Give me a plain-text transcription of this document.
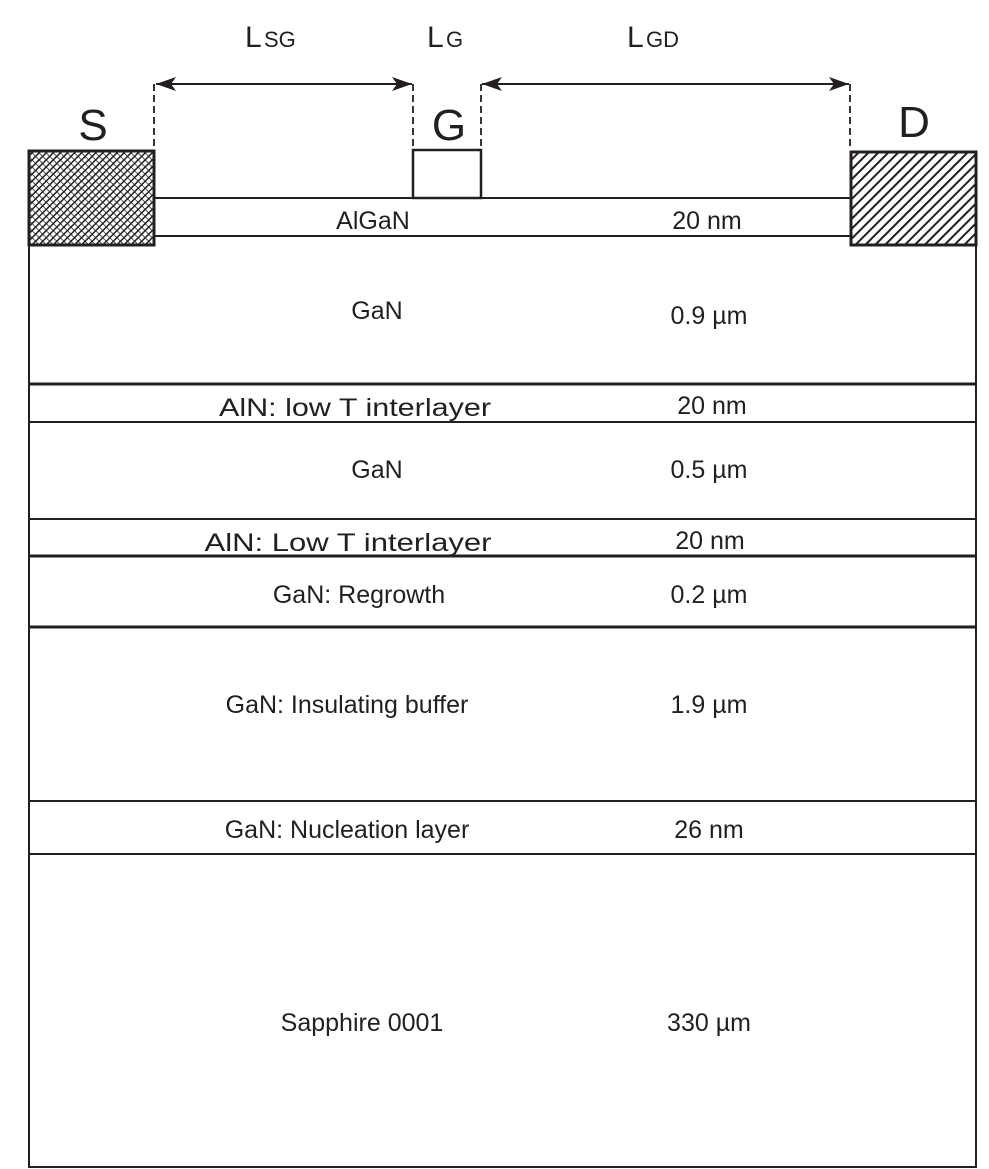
L SG	L G	L GD
S	G	D
AlGaN	20 nm
GaN	0.9 µm
AlN: low T interlayer	20 nm
GaN	0.5 µm
AlN: Low T interlayer	20 nm
GaN: Regrowth	0.2 µm
GaN: Insulating buffer	1.9 µm
GaN: Nucleation layer	26 nm
Sapphire 0001	330 µm
